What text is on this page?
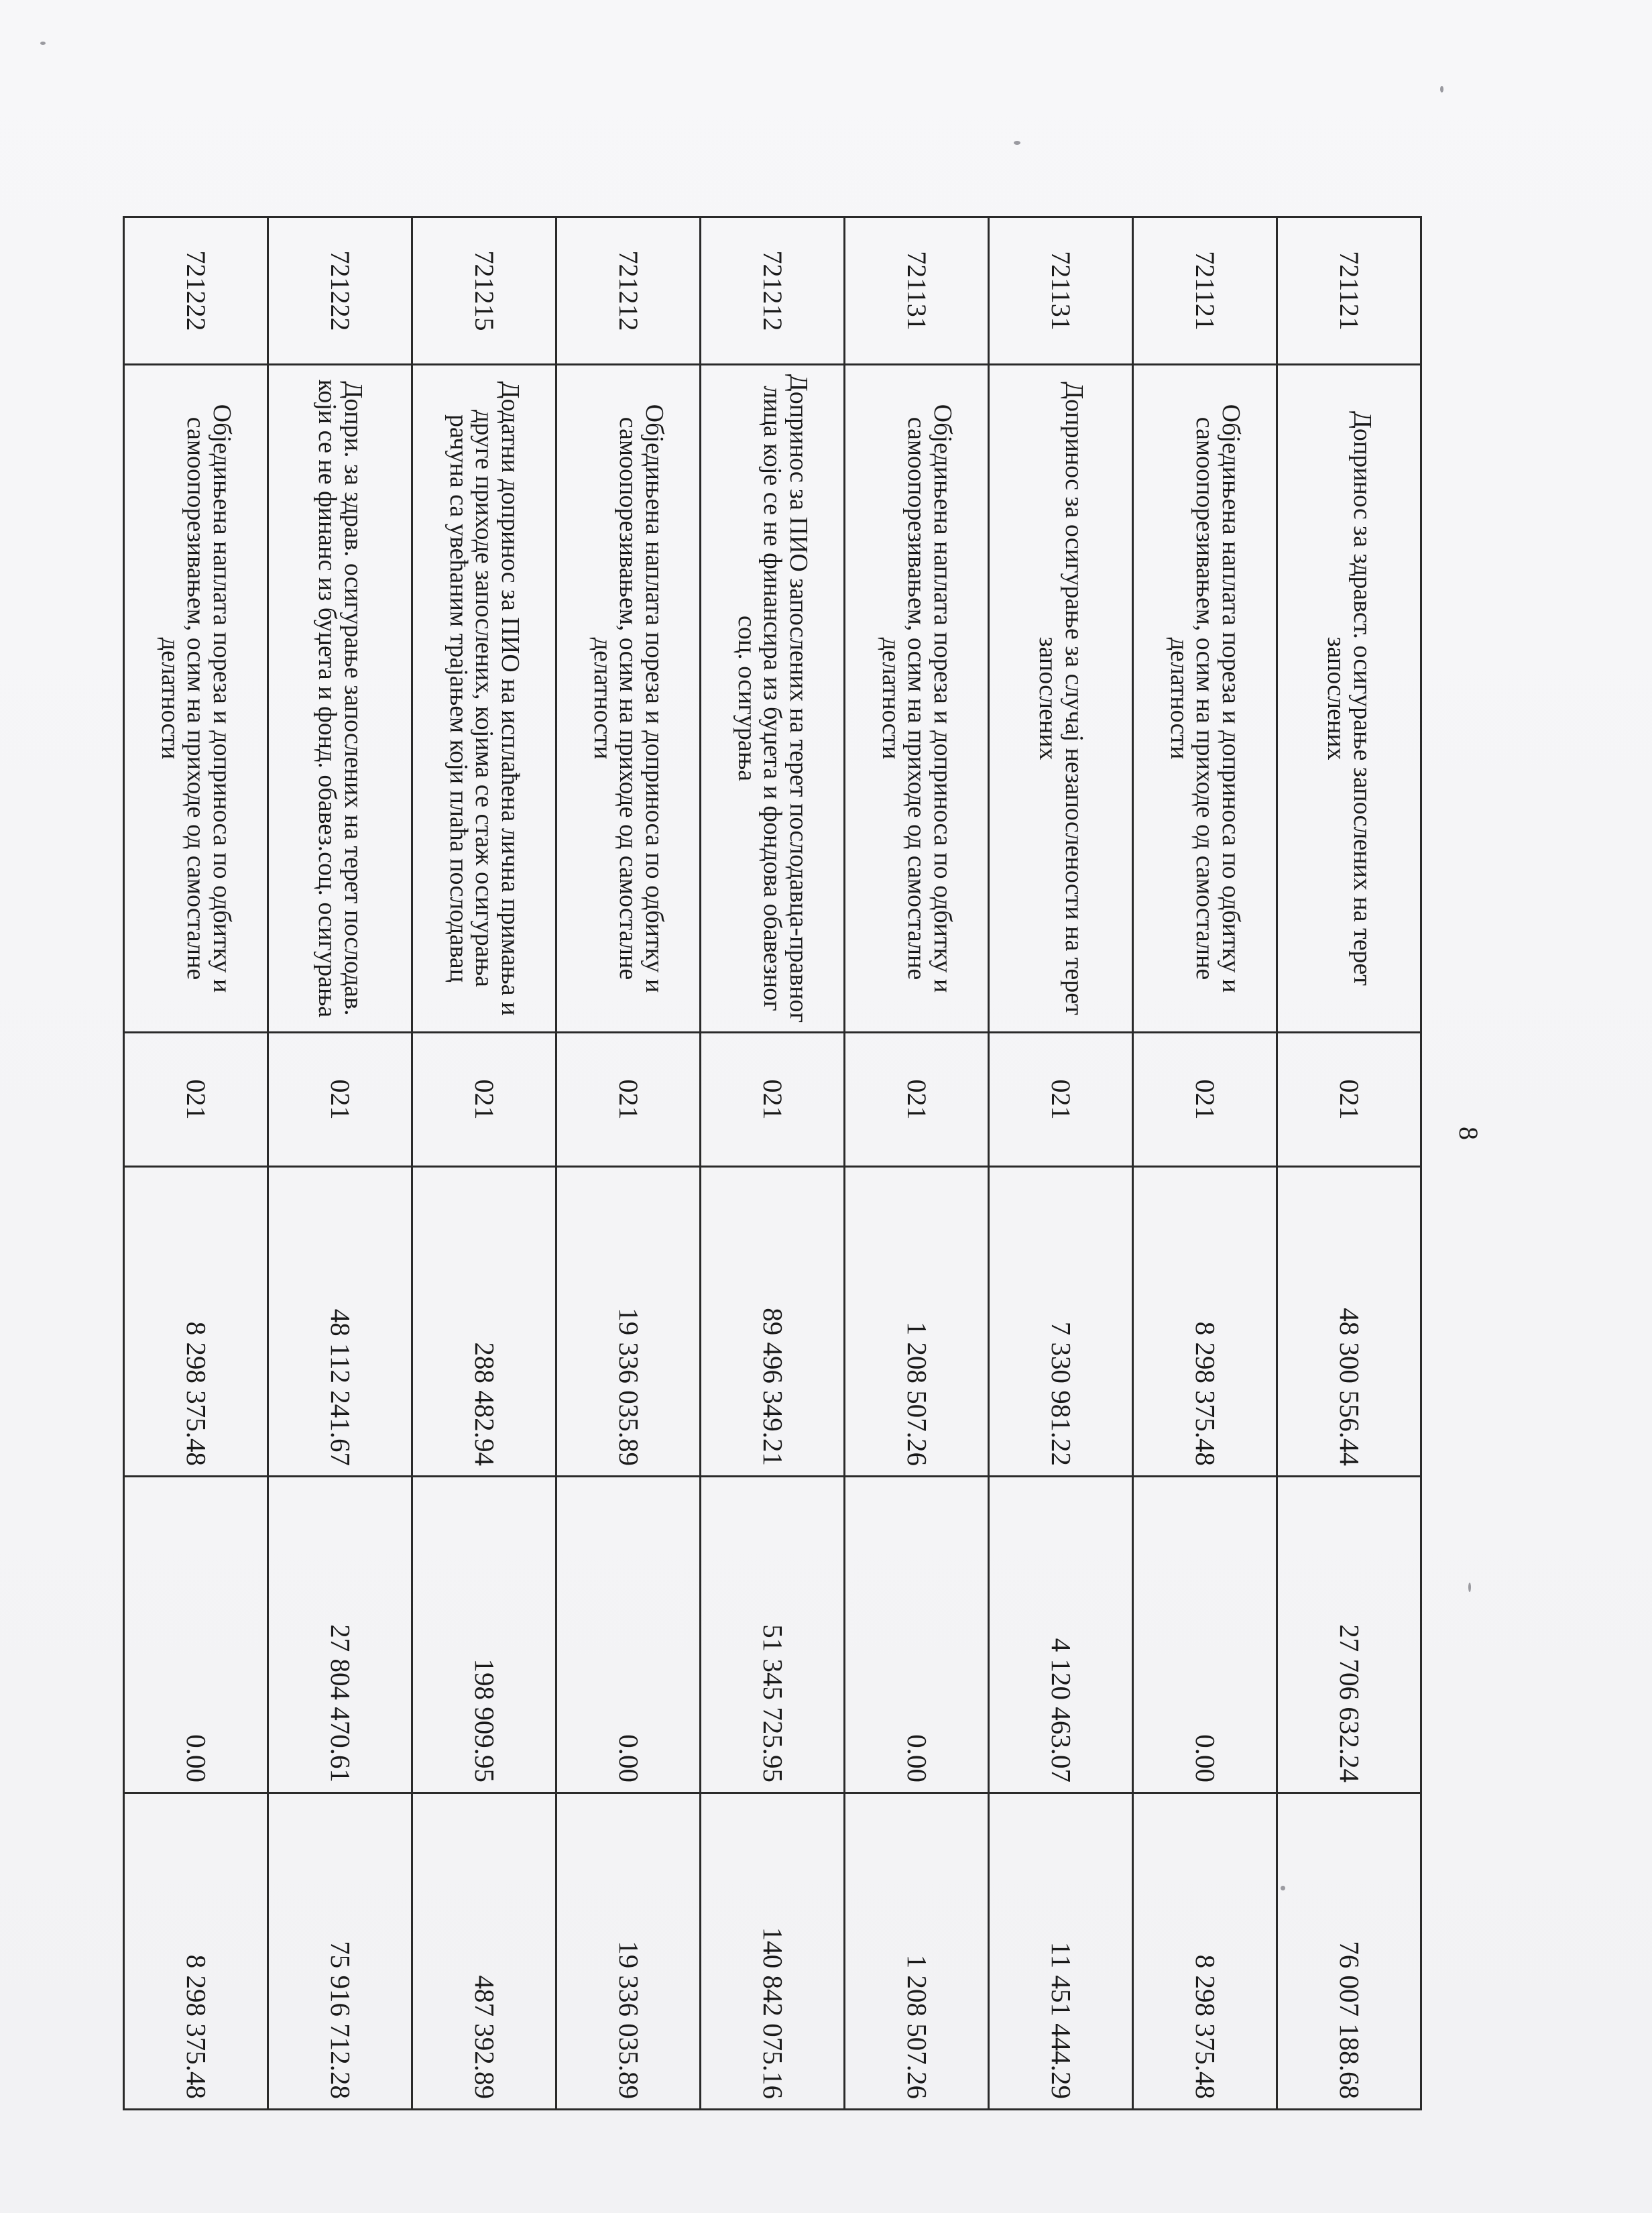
8
721121	Допринос за здравст. осигурање запослених на терет запослених	021	48 300 556.44	27 706 632.24	76 007 188.68
721121	Обједињена наплата пореза и доприноса по одбитку и самоопорезивањем, осим на приходе од самосталне делатности	021	8 298 375.48	0.00	8 298 375.48
721131	Допринос за осигурање за случај незапослености на терет запослених	021	7 330 981.22	4 120 463.07	11 451 444.29
721131	Обједињена наплата пореза и доприноса по одбитку и самоопорезивањем, осим на приходе од самосталне делатности	021	1 208 507.26	0.00	1 208 507.26
721212	Допринос за ПИО запослених на терет послодавца-правног лица које се не финансира из буџета и фондова обавезног соц. осигурања	021	89 496 349.21	51 345 725.95	140 842 075.16
721212	Обједињена наплата пореза и доприноса по одбитку и самоопорезивањем, осим на приходе од самосталне делатности	021	19 336 035.89	0.00	19 336 035.89
721215	Додатни допринос за ПИО на исплаћена лична примања и друге приходе запослених, којима се стаж осигурања рачуна са увећаним трајањем који плаћа послодавац	021	288 482.94	198 909.95	487 392.89
721222	Допри. за здрав. осигурање запослених на терет послодав. који се не финанс из буџета и фонд. обавез.соц. осигурања	021	48 112 241.67	27 804 470.61	75 916 712.28
721222	Обједињена наплата пореза и доприноса по одбитку и самоопорезивањем, осим на приходе од самосталне делатности	021	8 298 375.48	0.00	8 298 375.48
